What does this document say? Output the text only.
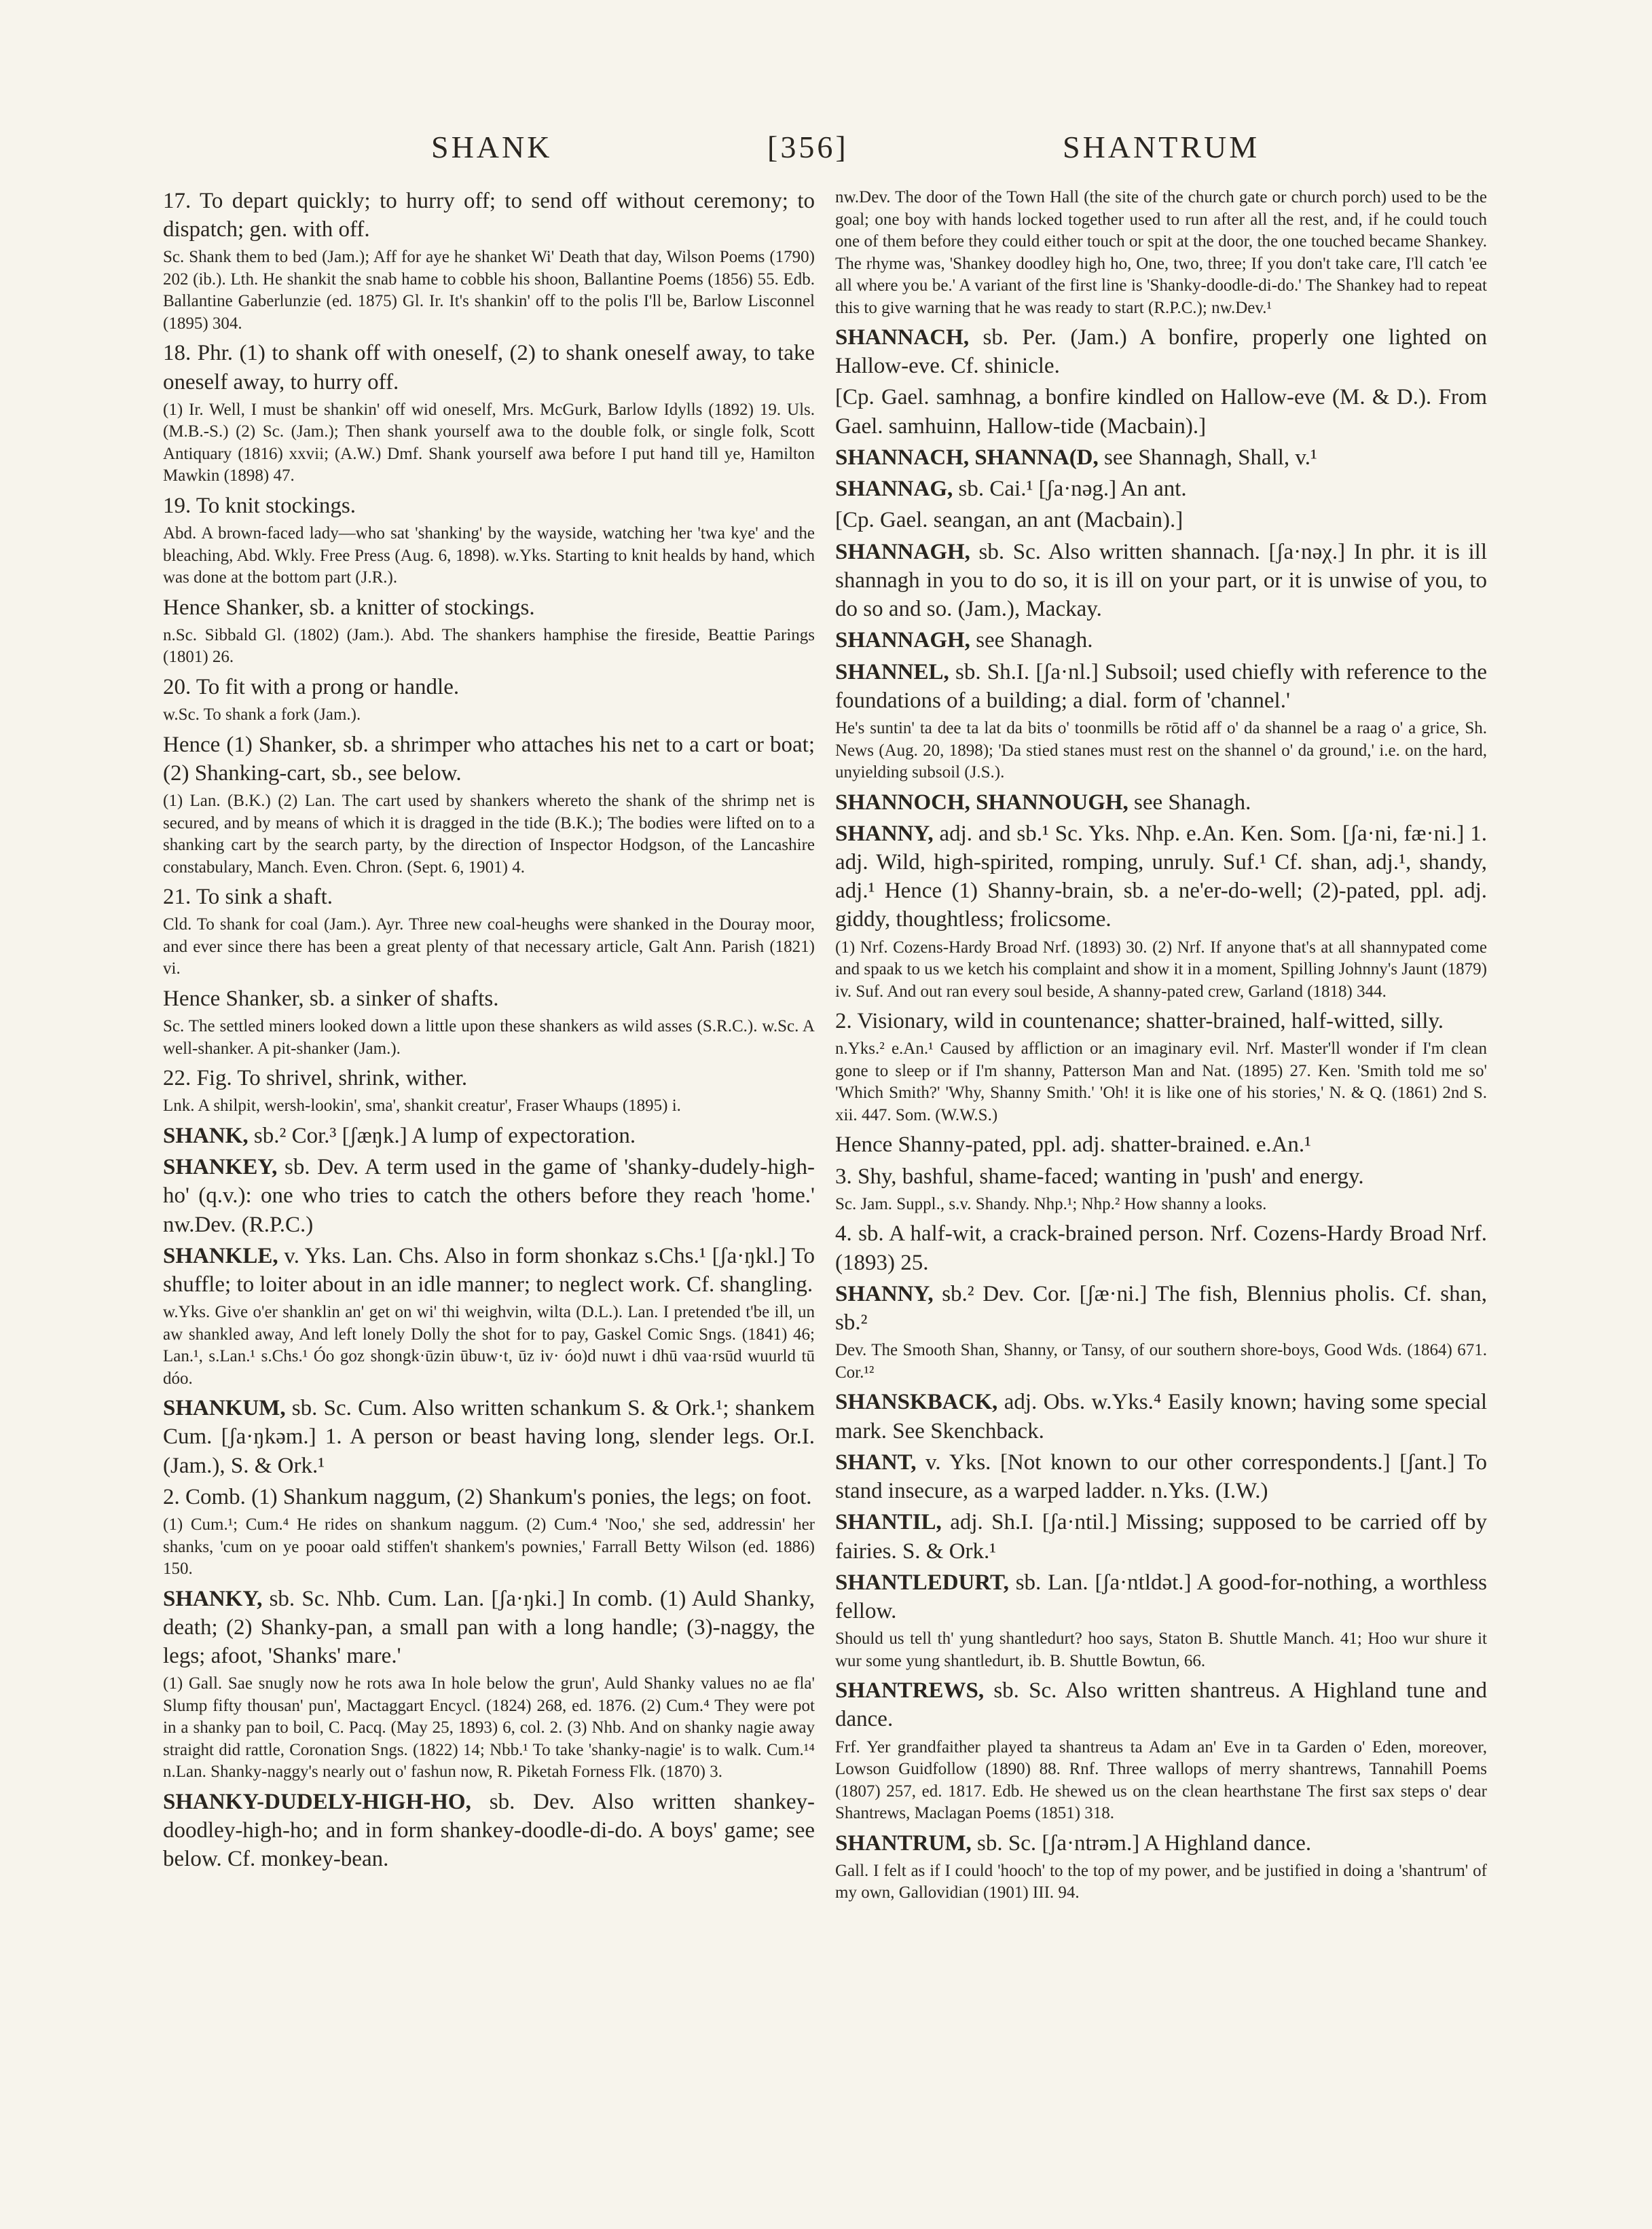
SHANK	[356]	SHANTRUM

17. To depart quickly; to hurry off; to send off without ceremony; to dispatch; gen. with off.

Sc. Shank them to bed (Jam.); Aff for aye he shanket Wi' Death that day, Wilson Poems (1790) 202 (ib.). Lth. He shankit the snab hame to cobble his shoon, Ballantine Poems (1856) 55. Edb. Ballantine Gaberlunzie (ed. 1875) Gl. Ir. It's shankin' off to the polis I'll be, Barlow Lisconnel (1895) 304.

18. Phr. (1) to shank off with oneself, (2) to shank oneself away, to take oneself away, to hurry off.

(1) Ir. Well, I must be shankin' off wid oneself, Mrs. McGurk, Barlow Idylls (1892) 19. Uls. (M.B.-S.) (2) Sc. (Jam.); Then shank yourself awa to the double folk, or single folk, Scott Antiquary (1816) xxvii; (A.W.) Dmf. Shank yourself awa before I put hand till ye, Hamilton Mawkin (1898) 47.

19. To knit stockings.

Abd. A brown-faced lady—who sat 'shanking' by the wayside, watching her 'twa kye' and the bleaching, Abd. Wkly. Free Press (Aug. 6, 1898). w.Yks. Starting to knit healds by hand, which was done at the bottom part (J.R.).

Hence Shanker, sb. a knitter of stockings.

n.Sc. Sibbald Gl. (1802) (Jam.). Abd. The shankers hamphise the fireside, Beattie Parings (1801) 26.

20. To fit with a prong or handle.

w.Sc. To shank a fork (Jam.).

Hence (1) Shanker, sb. a shrimper who attaches his net to a cart or boat; (2) Shanking-cart, sb., see below.

(1) Lan. (B.K.) (2) Lan. The cart used by shankers whereto the shank of the shrimp net is secured, and by means of which it is dragged in the tide (B.K.); The bodies were lifted on to a shanking cart by the search party, by the direction of Inspector Hodgson, of the Lancashire constabulary, Manch. Even. Chron. (Sept. 6, 1901) 4.

21. To sink a shaft.

Cld. To shank for coal (Jam.). Ayr. Three new coal-heughs were shanked in the Douray moor, and ever since there has been a great plenty of that necessary article, Galt Ann. Parish (1821) vi.

Hence Shanker, sb. a sinker of shafts.

Sc. The settled miners looked down a little upon these shankers as wild asses (S.R.C.). w.Sc. A well-shanker. A pit-shanker (Jam.).

22. Fig. To shrivel, shrink, wither.

Lnk. A shilpit, wersh-lookin', sma', shankit creatur', Fraser Whaups (1895) i.

SHANK, sb.² Cor.³ [ʃæŋk.] A lump of expectoration.

SHANKEY, sb. Dev. A term used in the game of 'shanky-dudely-high-ho' (q.v.): one who tries to catch the others before they reach 'home.' nw.Dev. (R.P.C.)

SHANKLE, v. Yks. Lan. Chs. Also in form shonkaz s.Chs.¹ [ʃa·ŋkl.] To shuffle; to loiter about in an idle manner; to neglect work. Cf. shangling.

w.Yks. Give o'er shanklin an' get on wi' thi weighvin, wilta (D.L.). Lan. I pretended t'be ill, un aw shankled away, And left lonely Dolly the shot for to pay, Gaskel Comic Sngs. (1841) 46; Lan.¹, s.Lan.¹ s.Chs.¹ Óo goz shongk·ūzin ūbuw·t, ūz iv· óo)d nuwt i dhū vaa·rsūd wuurld tū dóo.

SHANKUM, sb. Sc. Cum. Also written schankum S. & Ork.¹; shankem Cum. [ʃa·ŋkəm.] 1. A person or beast having long, slender legs. Or.I. (Jam.), S. & Ork.¹

2. Comb. (1) Shankum naggum, (2) Shankum's ponies, the legs; on foot.

(1) Cum.¹; Cum.⁴ He rides on shankum naggum. (2) Cum.⁴ 'Noo,' she sed, addressin' her shanks, 'cum on ye pooar oald stiffen't shankem's pownies,' Farrall Betty Wilson (ed. 1886) 150.

SHANKY, sb. Sc. Nhb. Cum. Lan. [ʃa·ŋki.] In comb. (1) Auld Shanky, death; (2) Shanky-pan, a small pan with a long handle; (3)-naggy, the legs; afoot, 'Shanks' mare.'

(1) Gall. Sae snugly now he rots awa In hole below the grun', Auld Shanky values no ae fla' Slump fifty thousan' pun', Mactaggart Encycl. (1824) 268, ed. 1876. (2) Cum.⁴ They were pot in a shanky pan to boil, C. Pacq. (May 25, 1893) 6, col. 2. (3) Nhb. And on shanky nagie away straight did rattle, Coronation Sngs. (1822) 14; Nbb.¹ To take 'shanky-nagie' is to walk. Cum.¹⁴ n.Lan. Shanky-naggy's nearly out o' fashun now, R. Piketah Forness Flk. (1870) 3.

SHANKY-DUDELY-HIGH-HO, sb. Dev. Also written shankey-doodley-high-ho; and in form shankey-doodle-di-do. A boys' game; see below. Cf. monkey-bean.

nw.Dev. The door of the Town Hall (the site of the church gate or church porch) used to be the goal; one boy with hands locked together used to run after all the rest, and, if he could touch one of them before they could either touch or spit at the door, the one touched became Shankey. The rhyme was, 'Shankey doodley high ho, One, two, three; If you don't take care, I'll catch 'ee all where you be.' A variant of the first line is 'Shanky-doodle-di-do.' The Shankey had to repeat this to give warning that he was ready to start (R.P.C.); nw.Dev.¹

SHANNACH, sb. Per. (Jam.) A bonfire, properly one lighted on Hallow-eve. Cf. shinicle.

[Cp. Gael. samhnag, a bonfire kindled on Hallow-eve (M. & D.). From Gael. samhuinn, Hallow-tide (Macbain).]

SHANNACH, SHANNA(D, see Shannagh, Shall, v.¹

SHANNAG, sb. Cai.¹ [ʃa·nəg.] An ant.

[Cp. Gael. seangan, an ant (Macbain).]

SHANNAGH, sb. Sc. Also written shannach. [ʃa·nəχ.] In phr. it is ill shannagh in you to do so, it is ill on your part, or it is unwise of you, to do so and so. (Jam.), Mackay.

SHANNAGH, see Shanagh.

SHANNEL, sb. Sh.I. [ʃa·nl.] Subsoil; used chiefly with reference to the foundations of a building; a dial. form of 'channel.'

He's suntin' ta dee ta lat da bits o' toonmills be rōtid aff o' da shannel be a raag o' a grice, Sh. News (Aug. 20, 1898); 'Da stied stanes must rest on the shannel o' da ground,' i.e. on the hard, unyielding subsoil (J.S.).

SHANNOCH, SHANNOUGH, see Shanagh.

SHANNY, adj. and sb.¹ Sc. Yks. Nhp. e.An. Ken. Som. [ʃa·ni, fæ·ni.] 1. adj. Wild, high-spirited, romping, unruly. Suf.¹ Cf. shan, adj.¹, shandy, adj.¹ Hence (1) Shanny-brain, sb. a ne'er-do-well; (2)-pated, ppl. adj. giddy, thoughtless; frolicsome.

(1) Nrf. Cozens-Hardy Broad Nrf. (1893) 30. (2) Nrf. If anyone that's at all shannypated come and spaak to us we ketch his complaint and show it in a moment, Spilling Johnny's Jaunt (1879) iv. Suf. And out ran every soul beside, A shanny-pated crew, Garland (1818) 344.

2. Visionary, wild in countenance; shatter-brained, half-witted, silly.

n.Yks.² e.An.¹ Caused by affliction or an imaginary evil. Nrf. Master'll wonder if I'm clean gone to sleep or if I'm shanny, Patterson Man and Nat. (1895) 27. Ken. 'Smith told me so' 'Which Smith?' 'Why, Shanny Smith.' 'Oh! it is like one of his stories,' N. & Q. (1861) 2nd S. xii. 447. Som. (W.W.S.)

Hence Shanny-pated, ppl. adj. shatter-brained. e.An.¹

3. Shy, bashful, shame-faced; wanting in 'push' and energy.

Sc. Jam. Suppl., s.v. Shandy. Nhp.¹; Nhp.² How shanny a looks.

4. sb. A half-wit, a crack-brained person. Nrf. Cozens-Hardy Broad Nrf. (1893) 25.

SHANNY, sb.² Dev. Cor. [ʃæ·ni.] The fish, Blennius pholis. Cf. shan, sb.²

Dev. The Smooth Shan, Shanny, or Tansy, of our southern shore-boys, Good Wds. (1864) 671. Cor.¹²

SHANSKBACK, adj. Obs. w.Yks.⁴ Easily known; having some special mark. See Skenchback.

SHANT, v. Yks. [Not known to our other correspondents.] [ʃant.] To stand insecure, as a warped ladder. n.Yks. (I.W.)

SHANTIL, adj. Sh.I. [ʃa·ntil.] Missing; supposed to be carried off by fairies. S. & Ork.¹

SHANTLEDURT, sb. Lan. [ʃa·ntldət.] A good-for-nothing, a worthless fellow.

Should us tell th' yung shantledurt? hoo says, Staton B. Shuttle Manch. 41; Hoo wur shure it wur some yung shantledurt, ib. B. Shuttle Bowtun, 66.

SHANTREWS, sb. Sc. Also written shantreus. A Highland tune and dance.

Frf. Yer grandfaither played ta shantreus ta Adam an' Eve in ta Garden o' Eden, moreover, Lowson Guidfollow (1890) 88. Rnf. Three wallops of merry shantrews, Tannahill Poems (1807) 257, ed. 1817. Edb. He shewed us on the clean hearthstane The first sax steps o' dear Shantrews, Maclagan Poems (1851) 318.

SHANTRUM, sb. Sc. [ʃa·ntrəm.] A Highland dance.

Gall. I felt as if I could 'hooch' to the top of my power, and be justified in doing a 'shantrum' of my own, Gallovidian (1901) III. 94.
